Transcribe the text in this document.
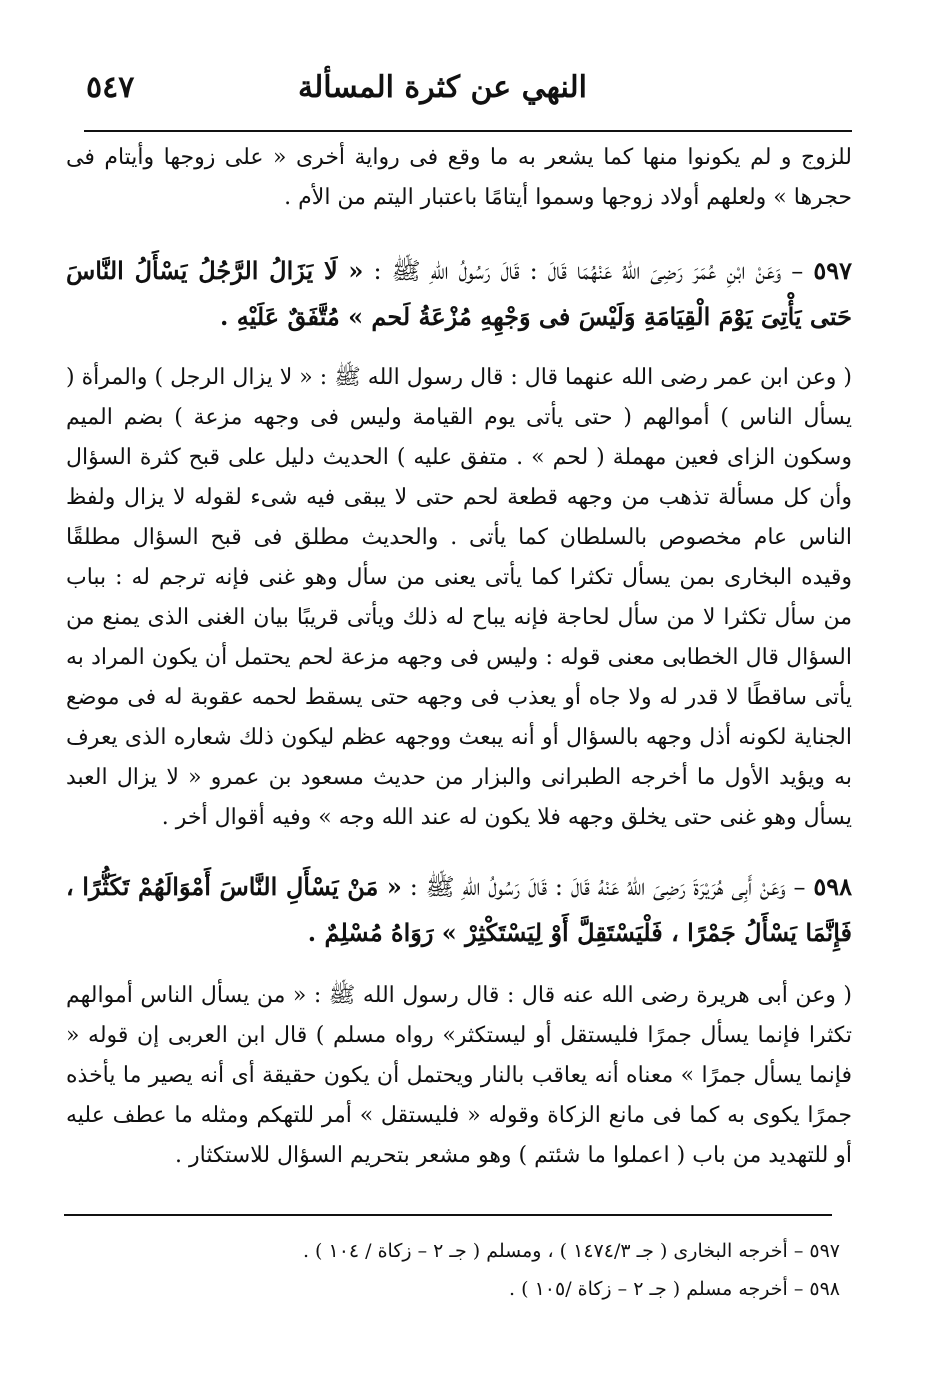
النهي عن كثرة المسألة
٥٤٧

للزوج و لم يكونوا منها كما يشعر به ما وقع فى رواية أخرى « على زوجها وأيتام فى حجرها » ولعلهم أولاد زوجها وسموا أيتامًا باعتبار اليتم من الأم .

٥٩٧ – وَعَنْ ابْنِ عُمَرَ رَضِىَ اللهُ عَنْهُمَا قَالَ : قَالَ رَسُولُ اللهِ ﷺ : « لَا يَزَالُ الرَّجُلُ يَسْأَلُ النَّاسَ حَتى يَأْتِىَ يَوْمَ الْقِيَامَةِ وَلَيْسَ فى وَجْهِهِ مُزْعَةُ لَحم » مُتَّفَقٌ عَلَيْهِ .

( وعن ابن عمر رضى الله عنهما قال : قال رسول الله ﷺ : « لا يزال الرجل ) والمرأة ( يسأل الناس ) أموالهم ( حتى يأتى يوم القيامة وليس فى وجهه مزعة ) بضم الميم وسكون الزاى فعين مهملة ( لحم » . متفق عليه ) الحديث دليل على قبح كثرة السؤال وأن كل مسألة تذهب من وجهه قطعة لحم حتى لا يبقى فيه شىء لقوله لا يزال ولفظ الناس عام مخصوص بالسلطان كما يأتى . والحديث مطلق فى قبح السؤال مطلقًا وقيده البخارى بمن يسأل تكثرا كما يأتى يعنى من سأل وهو غنى فإنه ترجم له : بباب من سأل تكثرا لا من سأل لحاجة فإنه يباح له ذلك ويأتى قريبًا بيان الغنى الذى يمنع من السؤال قال الخطابى معنى قوله : وليس فى وجهه مزعة لحم يحتمل أن يكون المراد به يأتى ساقطًا لا قدر له ولا جاه أو يعذب فى وجهه حتى يسقط لحمه عقوبة له فى موضع الجناية لكونه أذل وجهه بالسؤال أو أنه يبعث ووجهه عظم ليكون ذلك شعاره الذى يعرف به ويؤيد الأول ما أخرجه الطبرانى والبزار من حديث مسعود بن عمرو « لا يزال العبد يسأل وهو غنى حتى يخلق وجهه فلا يكون له عند الله وجه » وفيه أقوال أخر .

٥٩٨ – وَعَنْ أَبِى هُرَيْرَةَ رَضِىَ اللهُ عَنْهُ قَالَ : قَالَ رَسُولُ اللهِ ﷺ : « مَنْ يَسْأَلِ النَّاسَ أَمْوَالَهُمْ تَكَثُّرًا ، فَإِنَّمَا يَسْأَلُ جَمْرًا ، فَلْيَسْتَقِلَّ أَوْ لِيَسْتَكْثِرْ » رَوَاهُ مُسْلِمٌ .

( وعن أبى هريرة رضى الله عنه قال : قال رسول الله ﷺ : « من يسأل الناس أموالهم تكثرا فإنما يسأل جمرًا فليستقل أو ليستكثر» رواه مسلم ) قال ابن العربى إن قوله « فإنما يسأل جمرًا » معناه أنه يعاقب بالنار ويحتمل أن يكون حقيقة أى أنه يصير ما يأخذه جمرًا يكوى به كما فى مانع الزكاة وقوله « فليستقل » أمر للتهكم ومثله ما عطف عليه أو للتهديد من باب ( اعملوا ما شئتم ) وهو مشعر بتحريم السؤال للاستكثار .

٥٩٧ – أخرجه البخارى ( جـ ١٤٧٤/٣ ) ، ومسلم ( جـ ٢ – زكاة / ١٠٤ ) .
٥٩٨ – أخرجه مسلم ( جـ ٢ – زكاة /١٠٥ ) .
